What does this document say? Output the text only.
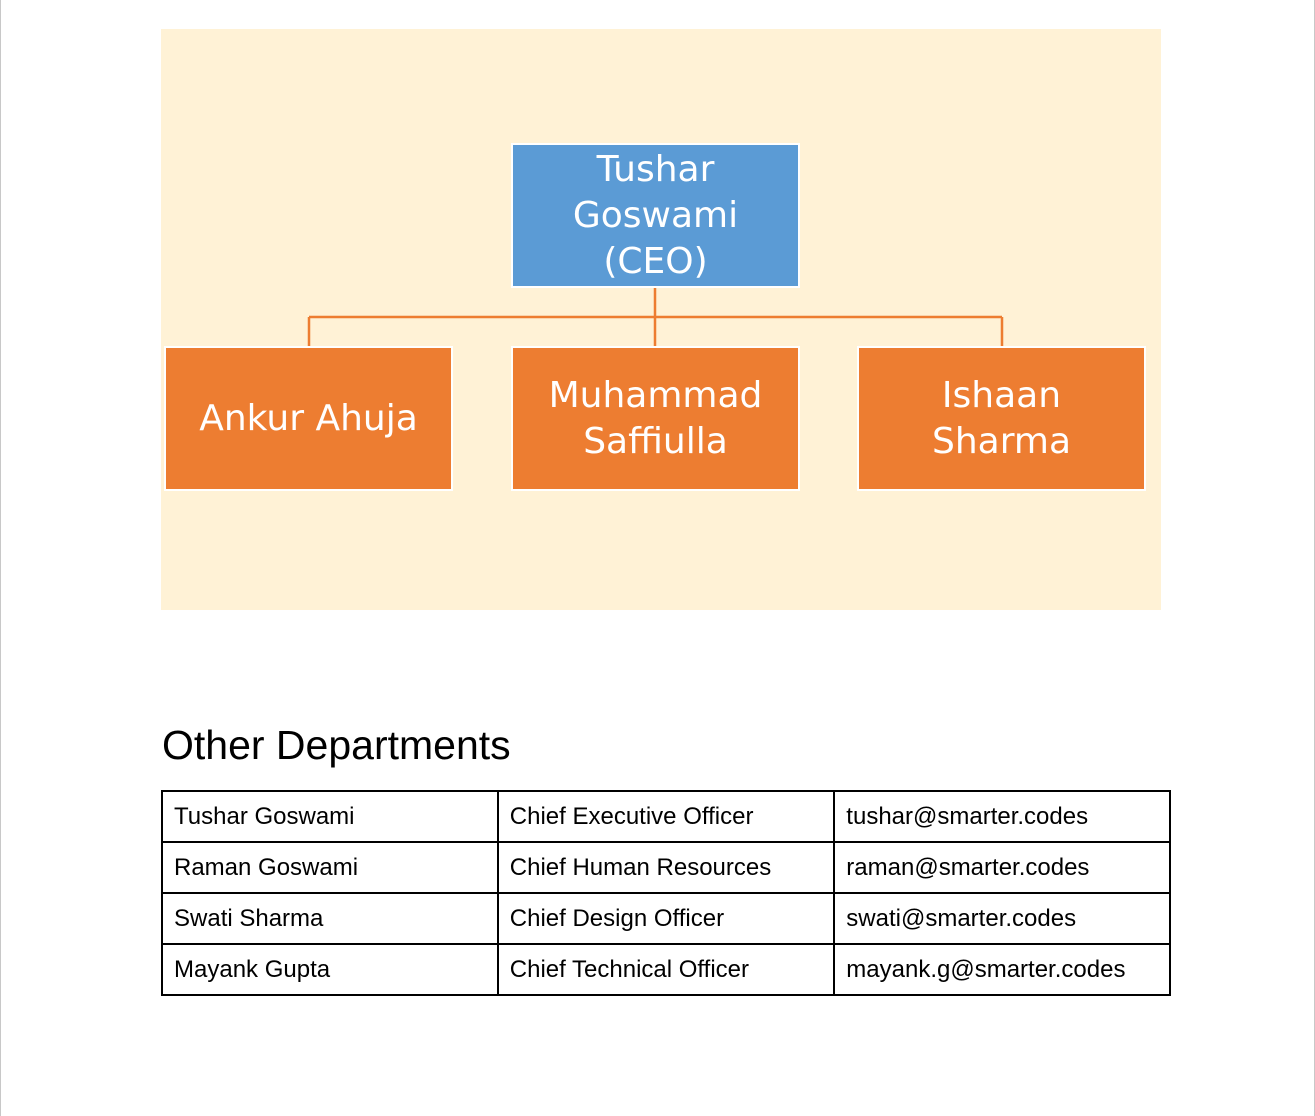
Tushar Goswami (CEO)
Ankur Ahuja
Muhammad Saffiulla
Ishaan Sharma
Other Departments
Tushar Goswami	Chief Executive Officer	tushar@smarter.codes
Raman Goswami	Chief Human Resources	raman@smarter.codes
Swati Sharma	Chief Design Officer	swati@smarter.codes
Mayank Gupta	Chief Technical Officer	mayank.g@smarter.codes
